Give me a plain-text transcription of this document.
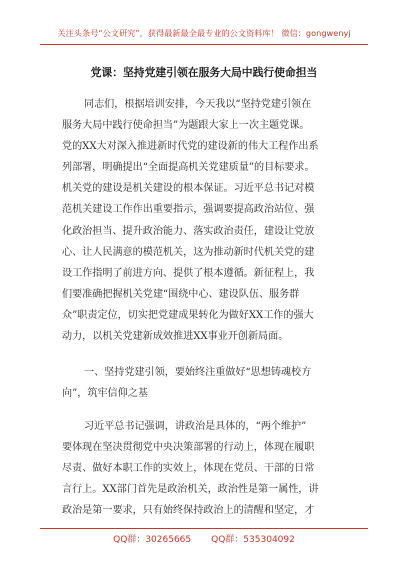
关注头条号“公文研究”，获得最新最全最专业的公文资料库！ 微信：gongwenyj
党课：坚持党建引领在服务大局中践行使命担当
同志们，根据培训安排，今天我以“坚持党建引领在
服务大局中践行使命担当”为题跟大家上一次主题党课。
党的XX大对深入推进新时代党的建设新的伟大工程作出系
列部署，明确提出“全面提高机关党建质量”的目标要求。
机关党的建设是机关建设的根本保证。习近平总书记对模
范机关建设工作作出重要指示，强调要提高政治站位、强
化政治担当、提升政治能力、落实政治责任，建设让党放
心、让人民满意的模范机关，这为推动新时代机关党的建
设工作指明了前进方向、提供了根本遵循。新征程上，我
们要准确把握机关党建“围绕中心、建设队伍、服务群
众”职责定位，切实把党建成果转化为做好XX工作的强大
动力，以机关党建新成效推进XX事业开创新局面。
一、坚持党建引领，要始终注重做好“思想铸魂校方
向”，筑牢信仰之基
习近平总书记强调，讲政治是具体的，“两个维护”
要体现在坚决贯彻党中央决策部署的行动上，体现在履职
尽责、做好本职工作的实效上，体现在党员、干部的日常
言行上。XX部门首先是政治机关，政治性是第一属性，讲
政治是第一要求，只有始终保持政治上的清醒和坚定，才
QQ群：30265665 QQ群：535304092
